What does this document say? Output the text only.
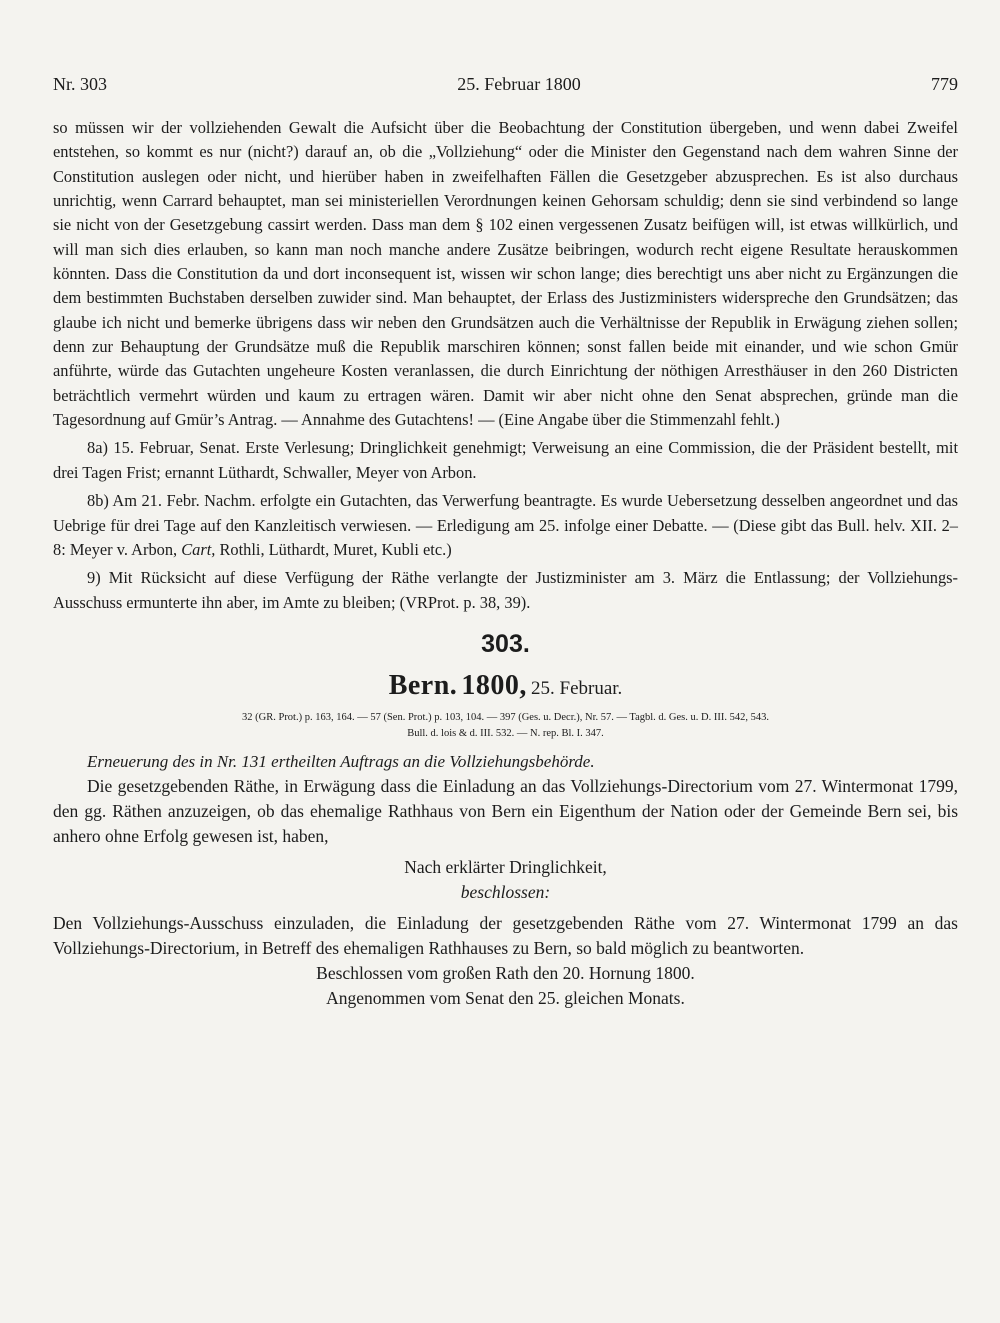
Nr. 303	25. Februar 1800	779

so müssen wir der vollziehenden Gewalt die Aufsicht über die Beobachtung der Constitution übergeben, und wenn dabei Zweifel entstehen, so kommt es nur (nicht?) darauf an, ob die „Vollziehung“ oder die Minister den Gegenstand nach dem wahren Sinne der Constitution auslegen oder nicht, und hierüber haben in zweifelhaften Fällen die Gesetzgeber abzusprechen. Es ist also durchaus unrichtig, wenn Carrard behauptet, man sei ministeriellen Verordnungen keinen Gehorsam schuldig; denn sie sind verbindend so lange sie nicht von der Gesetzgebung cassirt werden. Dass man dem § 102 einen vergessenen Zusatz beifügen will, ist etwas willkürlich, und will man sich dies erlauben, so kann man noch manche andere Zusätze beibringen, wodurch recht eigene Resultate herauskommen könnten. Dass die Constitution da und dort inconsequent ist, wissen wir schon lange; dies berechtigt uns aber nicht zu Ergänzungen die dem bestimmten Buchstaben derselben zuwider sind. Man behauptet, der Erlass des Justizministers widerspreche den Grundsätzen; das glaube ich nicht und bemerke übrigens dass wir neben den Grundsätzen auch die Verhältnisse der Republik in Erwägung ziehen sollen; denn zur Behauptung der Grundsätze muß die Republik marschiren können; sonst fallen beide mit einander, und wie schon Gmür anführte, würde das Gutachten ungeheure Kosten veranlassen, die durch Einrichtung der nöthigen Arresthäuser in den 260 Districten beträchtlich vermehrt würden und kaum zu ertragen wären. Damit wir aber nicht ohne den Senat absprechen, gründe man die Tagesordnung auf Gmür’s Antrag. — Annahme des Gutachtens! — (Eine Angabe über die Stimmenzahl fehlt.)

8a) 15. Februar, Senat. Erste Verlesung; Dringlichkeit genehmigt; Verweisung an eine Commission, die der Präsident bestellt, mit drei Tagen Frist; ernannt Lüthardt, Schwaller, Meyer von Arbon.

8b) Am 21. Febr. Nachm. erfolgte ein Gutachten, das Verwerfung beantragte. Es wurde Uebersetzung desselben angeordnet und das Uebrige für drei Tage auf den Kanzleitisch verwiesen. — Erledigung am 25. infolge einer Debatte. — (Diese gibt das Bull. helv. XII. 2–8: Meyer v. Arbon, Cart, Rothli, Lüthardt, Muret, Kubli etc.)

9) Mit Rücksicht auf diese Verfügung der Räthe verlangte der Justizminister am 3. März die Entlassung; der Vollziehungs-Ausschuss ermunterte ihn aber, im Amte zu bleiben; (VRProt. p. 38, 39).

303.

Bern. 1800, 25. Februar.

32 (GR. Prot.) p. 163, 164. — 57 (Sen. Prot.) p. 103, 104. — 397 (Ges. u. Decr.), Nr. 57. — Tagbl. d. Ges. u. D. III. 542, 543.
Bull. d. lois & d. III. 532. — N. rep. Bl. I. 347.

Erneuerung des in Nr. 131 ertheilten Auftrags an die Vollziehungsbehörde.

Die gesetzgebenden Räthe, in Erwägung dass die Einladung an das Vollziehungs-Directorium vom 27. Wintermonat 1799, den gg. Räthen anzuzeigen, ob das ehemalige Rathhaus von Bern ein Eigenthum der Nation oder der Gemeinde Bern sei, bis anhero ohne Erfolg gewesen ist, haben,

Nach erklärter Dringlichkeit,

beschlossen:

Den Vollziehungs-Ausschuss einzuladen, die Einladung der gesetzgebenden Räthe vom 27. Wintermonat 1799 an das Vollziehungs-Directorium, in Betreff des ehemaligen Rathhauses zu Bern, so bald möglich zu beantworten.

Beschlossen vom großen Rath den 20. Hornung 1800.

Angenommen vom Senat den 25. gleichen Monats.
